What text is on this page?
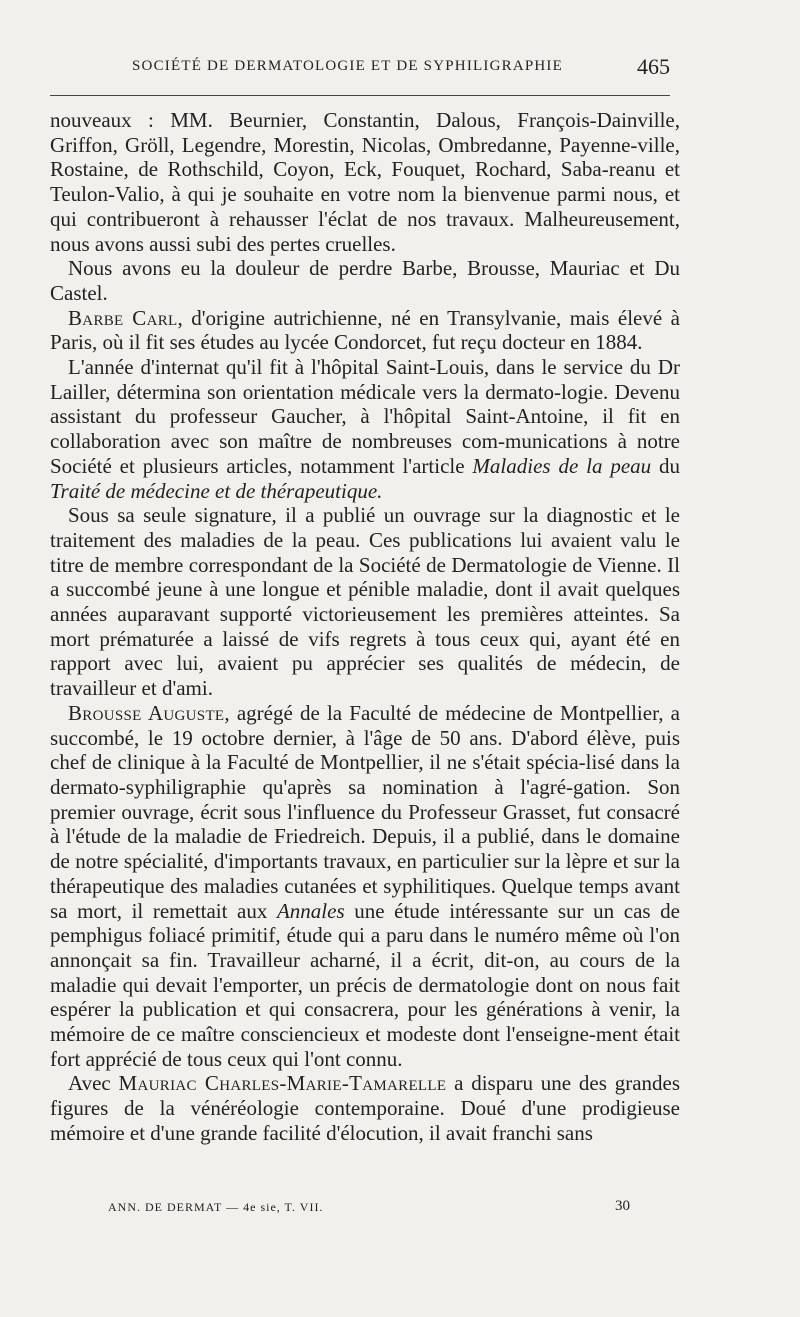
SOCIÉTÉ DE DERMATOLOGIE ET DE SYPHILIGRAPHIE	465

nouveaux : MM. Beurnier, Constantin, Dalous, François-Dainville, Griffon, Gröll, Legendre, Morestin, Nicolas, Ombredanne, Payenne-ville, Rostaine, de Rothschild, Coyon, Eck, Fouquet, Rochard, Saba-reanu et Teulon-Valio, à qui je souhaite en votre nom la bienvenue parmi nous, et qui contribueront à rehausser l'éclat de nos travaux. Malheureusement, nous avons aussi subi des pertes cruelles.

Nous avons eu la douleur de perdre Barbe, Brousse, Mauriac et Du Castel.

Barbe Carl, d'origine autrichienne, né en Transylvanie, mais élevé à Paris, où il fit ses études au lycée Condorcet, fut reçu docteur en 1884.

L'année d'internat qu'il fit à l'hôpital Saint-Louis, dans le service du Dr Lailler, détermina son orientation médicale vers la dermato-logie. Devenu assistant du professeur Gaucher, à l'hôpital Saint-Antoine, il fit en collaboration avec son maître de nombreuses com-munications à notre Société et plusieurs articles, notamment l'article Maladies de la peau du Traité de médecine et de thérapeutique.

Sous sa seule signature, il a publié un ouvrage sur la diagnostic et le traitement des maladies de la peau. Ces publications lui avaient valu le titre de membre correspondant de la Société de Dermatologie de Vienne. Il a succombé jeune à une longue et pénible maladie, dont il avait quelques années auparavant supporté victorieusement les premières atteintes. Sa mort prématurée a laissé de vifs regrets à tous ceux qui, ayant été en rapport avec lui, avaient pu apprécier ses qualités de médecin, de travailleur et d'ami.

Brousse Auguste, agrégé de la Faculté de médecine de Montpellier, a succombé, le 19 octobre dernier, à l'âge de 50 ans. D'abord élève, puis chef de clinique à la Faculté de Montpellier, il ne s'était spécia-lisé dans la dermato-syphiligraphie qu'après sa nomination à l'agré-gation. Son premier ouvrage, écrit sous l'influence du Professeur Grasset, fut consacré à l'étude de la maladie de Friedreich. Depuis, il a publié, dans le domaine de notre spécialité, d'importants travaux, en particulier sur la lèpre et sur la thérapeutique des maladies cutanées et syphilitiques. Quelque temps avant sa mort, il remettait aux Annales une étude intéressante sur un cas de pemphigus foliacé primitif, étude qui a paru dans le numéro même où l'on annonçait sa fin. Travailleur acharné, il a écrit, dit-on, au cours de la maladie qui devait l'emporter, un précis de dermatologie dont on nous fait espérer la publication et qui consacrera, pour les générations à venir, la mémoire de ce maître consciencieux et modeste dont l'enseigne-ment était fort apprécié de tous ceux qui l'ont connu.

Avec Mauriac Charles-Marie-Tamarelle a disparu une des grandes figures de la vénéréologie contemporaine. Doué d'une prodigieuse mémoire et d'une grande facilité d'élocution, il avait franchi sans

ANN. DE DERMAT — 4e sie, T. VII.	30
